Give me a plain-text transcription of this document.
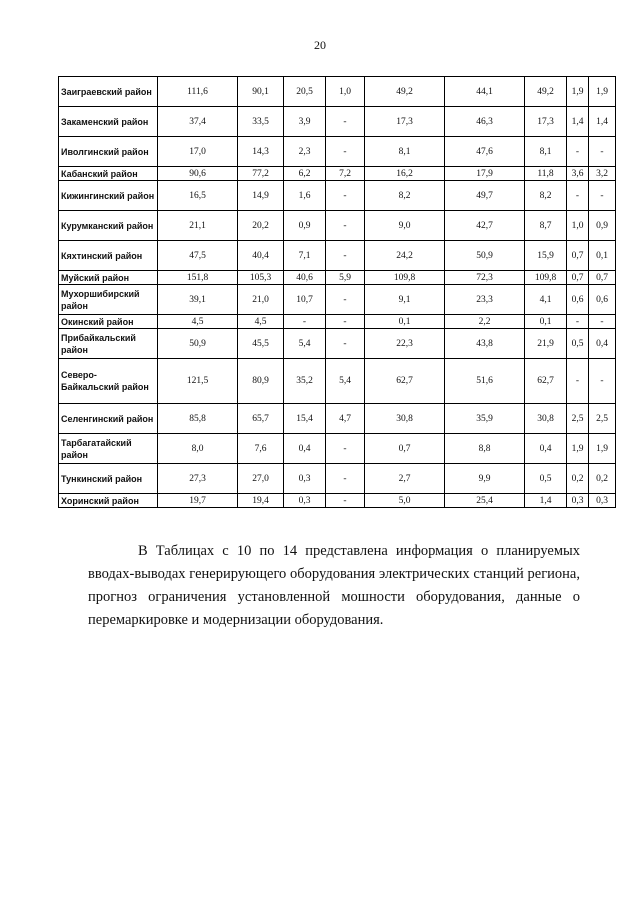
20
Заиграевский район	111,6	90,1	20,5	1,0	49,2	44,1	49,2	1,9	1,9
Закаменский район	37,4	33,5	3,9	-	17,3	46,3	17,3	1,4	1,4
Иволгинский район	17,0	14,3	2,3	-	8,1	47,6	8,1	-	-
Кабанский район	90,6	77,2	6,2	7,2	16,2	17,9	11,8	3,6	3,2
Кижингинский район	16,5	14,9	1,6	-	8,2	49,7	8,2	-	-
Курумканский район	21,1	20,2	0,9	-	9,0	42,7	8,7	1,0	0,9
Кяхтинский район	47,5	40,4	7,1	-	24,2	50,9	15,9	0,7	0,1
Муйский район	151,8	105,3	40,6	5,9	109,8	72,3	109,8	0,7	0,7
Мухоршибирский район	39,1	21,0	10,7	-	9,1	23,3	4,1	0,6	0,6
Окинский район	4,5	4,5	-	-	0,1	2,2	0,1	-	-
Прибайкальский район	50,9	45,5	5,4	-	22,3	43,8	21,9	0,5	0,4
Северо-Байкальский район	121,5	80,9	35,2	5,4	62,7	51,6	62,7	-	-
Селенгинский район	85,8	65,7	15,4	4,7	30,8	35,9	30,8	2,5	2,5
Тарбагатайский район	8,0	7,6	0,4	-	0,7	8,8	0,4	1,9	1,9
Тункинский район	27,3	27,0	0,3	-	2,7	9,9	0,5	0,2	0,2
Хоринский район	19,7	19,4	0,3	-	5,0	25,4	1,4	0,3	0,3
В Таблицах с 10 по 14 представлена информация о планируемых вводах-выводах генерирующего оборудования электрических станций региона, прогноз ограничения установленной мошности оборудования, данные о перемаркировке и модернизации оборудования.
